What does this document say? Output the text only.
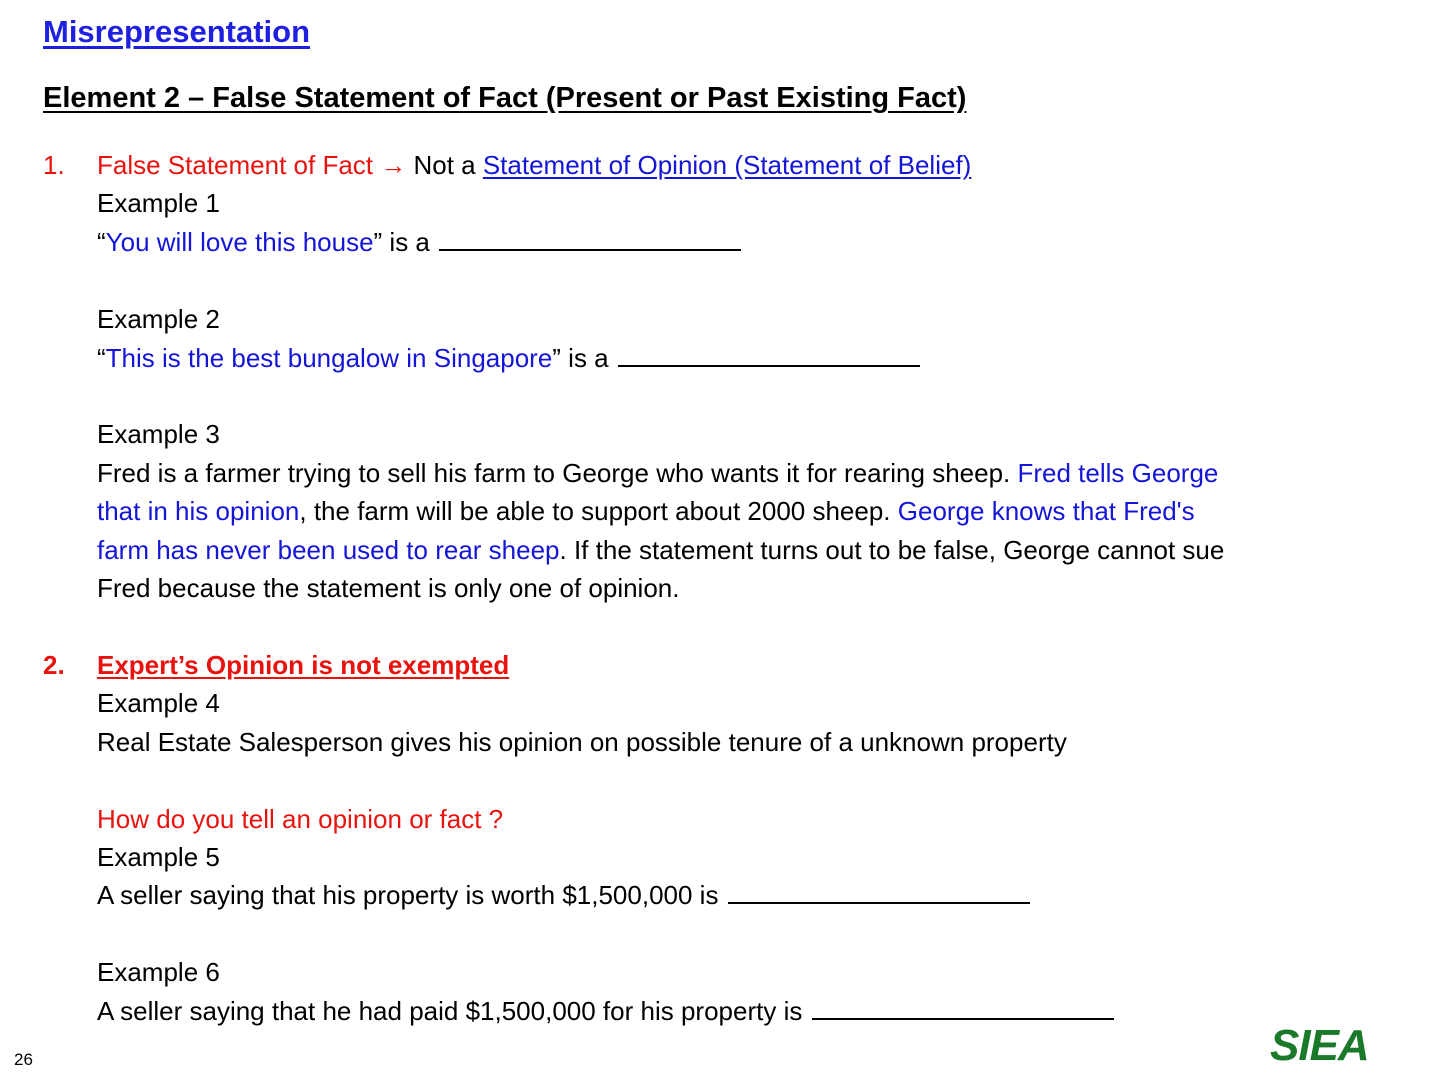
Misrepresentation
Element 2 – False Statement of Fact (Present or Past Existing Fact)
1. False Statement of Fact → Not a Statement of Opinion (Statement of Belief)
Example 1
“You will love this house” is a
Example 2
“This is the best bungalow in Singapore” is a
Example 3
Fred is a farmer trying to sell his farm to George who wants it for rearing sheep. Fred tells George
that in his opinion, the farm will be able to support about 2000 sheep. George knows that Fred's
farm has never been used to rear sheep. If the statement turns out to be false, George cannot sue
Fred because the statement is only one of opinion.
2. Expert’s Opinion is not exempted
Example 4
Real Estate Salesperson gives his opinion on possible tenure of a unknown property
How do you tell an opinion or fact ?
Example 5
A seller saying that his property is worth $1,500,000 is
Example 6
A seller saying that he had paid $1,500,000 for his property is
26	SIEA
